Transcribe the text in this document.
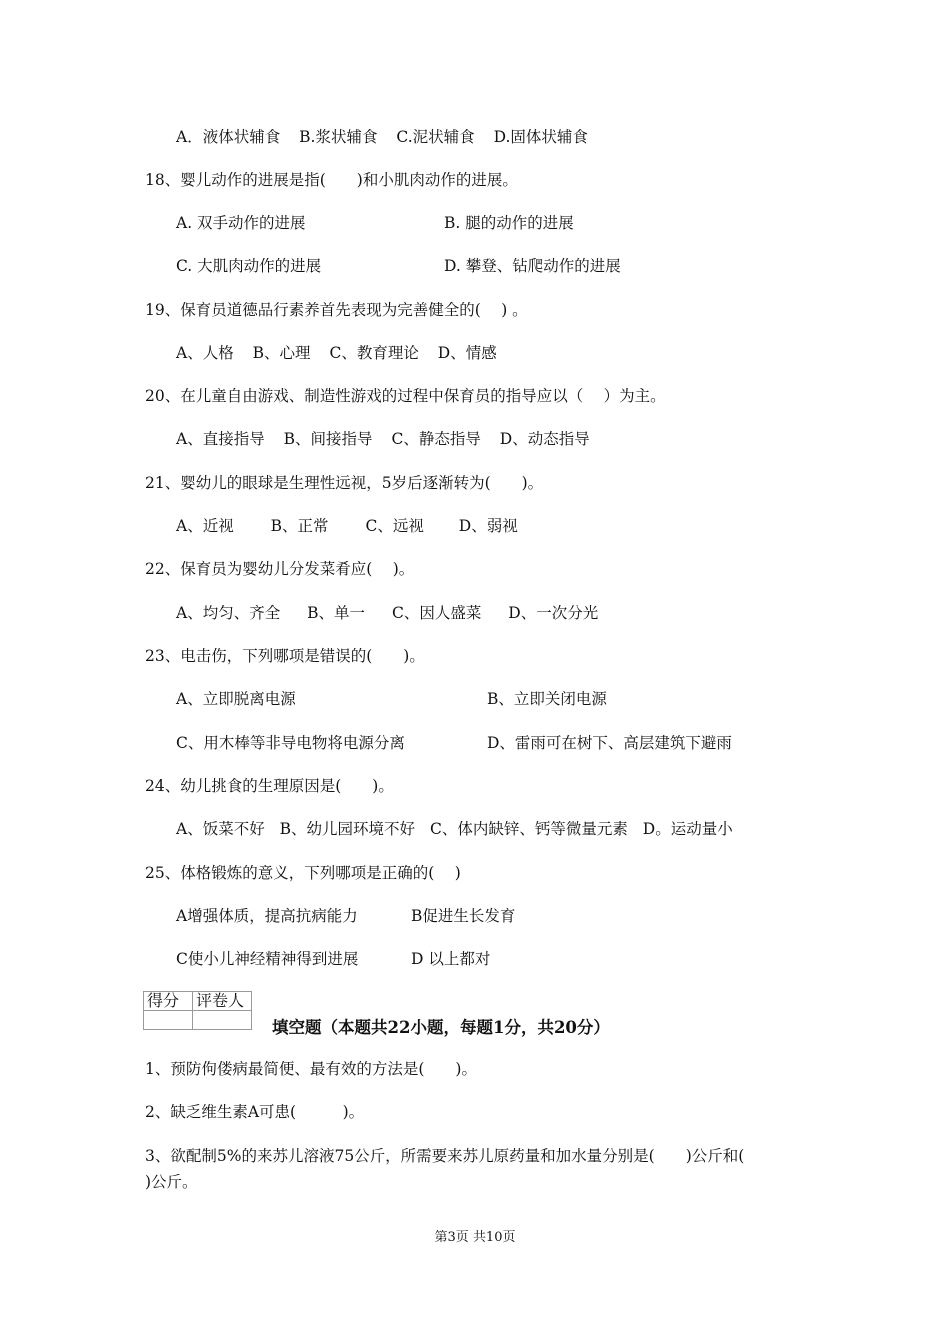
A．液体状辅食 B.浆状辅食 C.泥状辅食 D.固体状辅食
18、婴儿动作的进展是指(　　)和小肌肉动作的进展。
A. 双手动作的进展	B. 腿的动作的进展
C. 大肌肉动作的进展	D. 攀登、钻爬动作的进展
19、保育员道德品行素养首先表现为完善健全的(　 ) 。
A、人格 B、心理 C、教育理论 D、情感
20、在儿童自由游戏、制造性游戏的过程中保育员的指导应以（　 ）为主。
A、直接指导 B、间接指导 C、静态指导 D、动态指导
21、婴幼儿的眼球是生理性远视，5岁后逐渐转为(　　)。
A、近视 B、正常 C、远视 D、弱视
22、保育员为婴幼儿分发菜肴应(　 )。
A、均匀、齐全 B、单一 C、因人盛菜 D、一次分光
23、电击伤，下列哪项是错误的(　　)。
A、立即脱离电源	B、立即关闭电源
C、用木棒等非导电物将电源分离	D、雷雨可在树下、高层建筑下避雨
24、幼儿挑食的生理原因是(　　)。
A、饭菜不好 B、幼儿园环境不好 C、体内缺锌、钙等微量元素 D。运动量小
25、体格锻炼的意义，下列哪项是正确的(　 )
A增强体质，提高抗病能力	B促进生长发育
C使小儿神经精神得到进展	D 以上都对
得分	评卷人

填空题（本题共22小题，每题1分，共20分）
1、预防佝偻病最简便、最有效的方法是(　　)。
2、缺乏维生素A可患(　　　)。
3、欲配制5%的来苏儿溶液75公斤，所需要来苏儿原药量和加水量分别是(　　)公斤和(
)公斤。
第3页 共10页
